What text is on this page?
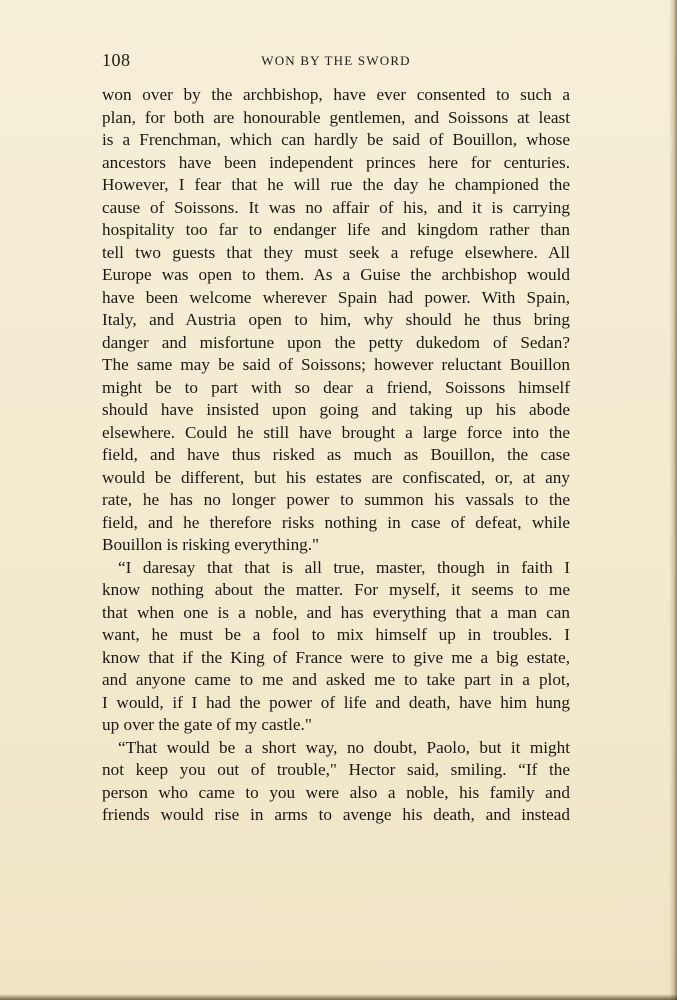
108	WON BY THE SWORD
won over by the archbishop, have ever consented to such a
plan, for both are honourable gentlemen, and Soissons at least
is a Frenchman, which can hardly be said of Bouillon, whose
ancestors have been independent princes here for centuries.
However, I fear that he will rue the day he championed the
cause of Soissons. It was no affair of his, and it is carrying
hospitality too far to endanger life and kingdom rather than
tell two guests that they must seek a refuge elsewhere. All
Europe was open to them. As a Guise the archbishop would
have been welcome wherever Spain had power. With Spain,
Italy, and Austria open to him, why should he thus bring
danger and misfortune upon the petty dukedom of Sedan?
The same may be said of Soissons; however reluctant Bouillon
might be to part with so dear a friend, Soissons himself
should have insisted upon going and taking up his abode
elsewhere. Could he still have brought a large force into the
field, and have thus risked as much as Bouillon, the case
would be different, but his estates are confiscated, or, at any
rate, he has no longer power to summon his vassals to the
field, and he therefore risks nothing in case of defeat, while
Bouillon is risking everything."
“I daresay that that is all true, master, though in faith I
know nothing about the matter. For myself, it seems to me
that when one is a noble, and has everything that a man can
want, he must be a fool to mix himself up in troubles. I
know that if the King of France were to give me a big estate,
and anyone came to me and asked me to take part in a plot,
I would, if I had the power of life and death, have him hung
up over the gate of my castle."
“That would be a short way, no doubt, Paolo, but it might
not keep you out of trouble," Hector said, smiling. “If the
person who came to you were also a noble, his family and
friends would rise in arms to avenge his death, and instead
